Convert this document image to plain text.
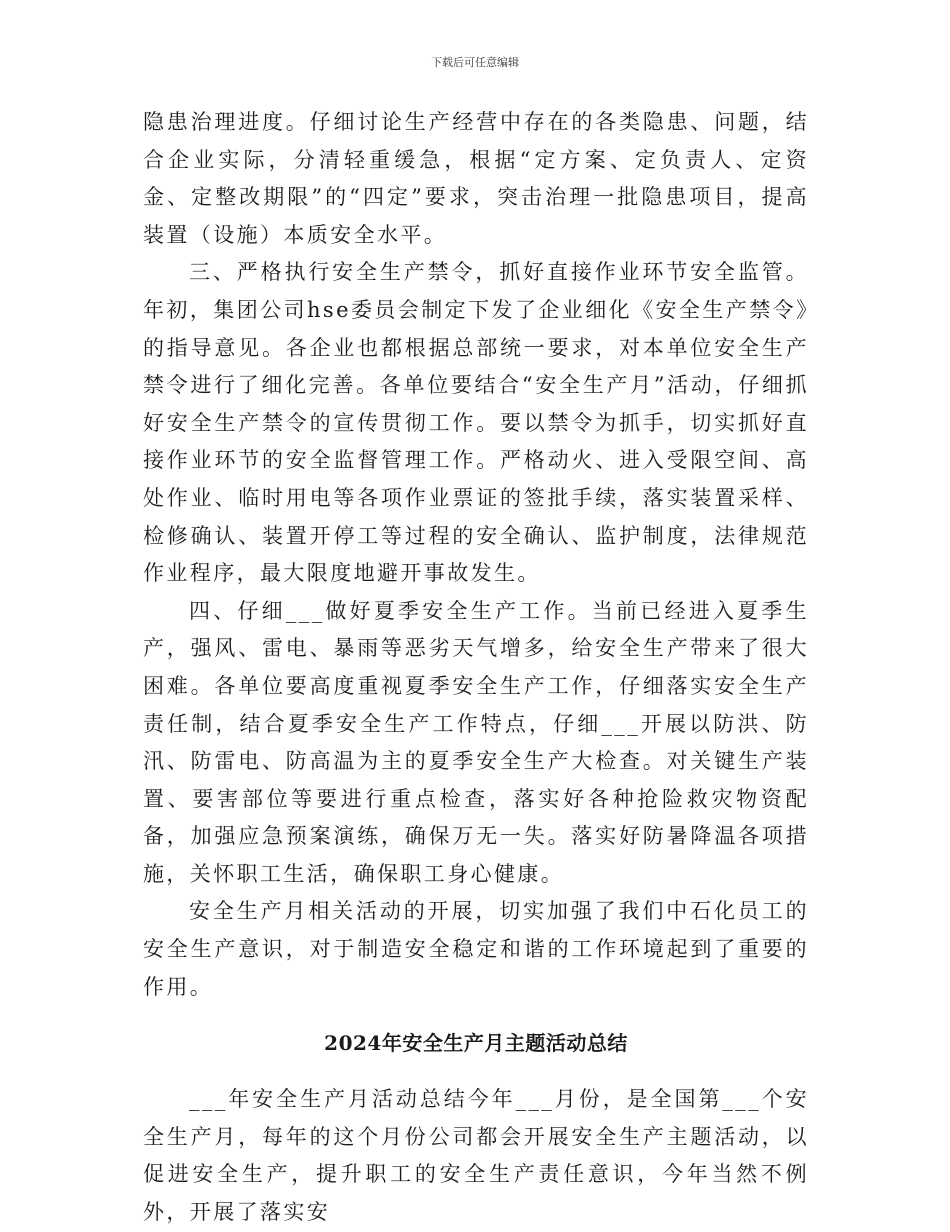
下载后可任意编辑

隐患治理进度。仔细讨论生产经营中存在的各类隐患、问题，结合企业实际，分清轻重缓急，根据“定方案、定负责人、定资金、定整改期限”的“四定”要求，突击治理一批隐患项目，提高装置（设施）本质安全水平。

三、严格执行安全生产禁令，抓好直接作业环节安全监管。年初，集团公司hse委员会制定下发了企业细化《安全生产禁令》的指导意见。各企业也都根据总部统一要求，对本单位安全生产禁令进行了细化完善。各单位要结合“安全生产月”活动，仔细抓好安全生产禁令的宣传贯彻工作。要以禁令为抓手，切实抓好直接作业环节的安全监督管理工作。严格动火、进入受限空间、高处作业、临时用电等各项作业票证的签批手续，落实装置采样、检修确认、装置开停工等过程的安全确认、监护制度，法律规范作业程序，最大限度地避开事故发生。

四、仔细___做好夏季安全生产工作。当前已经进入夏季生产，强风、雷电、暴雨等恶劣天气增多，给安全生产带来了很大困难。各单位要高度重视夏季安全生产工作，仔细落实安全生产责任制，结合夏季安全生产工作特点，仔细___开展以防洪、防汛、防雷电、防高温为主的夏季安全生产大检查。对关键生产装置、要害部位等要进行重点检查，落实好各种抢险救灾物资配备，加强应急预案演练，确保万无一失。落实好防暑降温各项措施，关怀职工生活，确保职工身心健康。

安全生产月相关活动的开展，切实加强了我们中石化员工的安全生产意识，对于制造安全稳定和谐的工作环境起到了重要的作用。

2024年安全生产月主题活动总结

___年安全生产月活动总结今年___月份，是全国第___个安全生产月，每年的这个月份公司都会开展安全生产主题活动，以促进安全生产，提升职工的安全生产责任意识，今年当然不例外，开展了落实安
